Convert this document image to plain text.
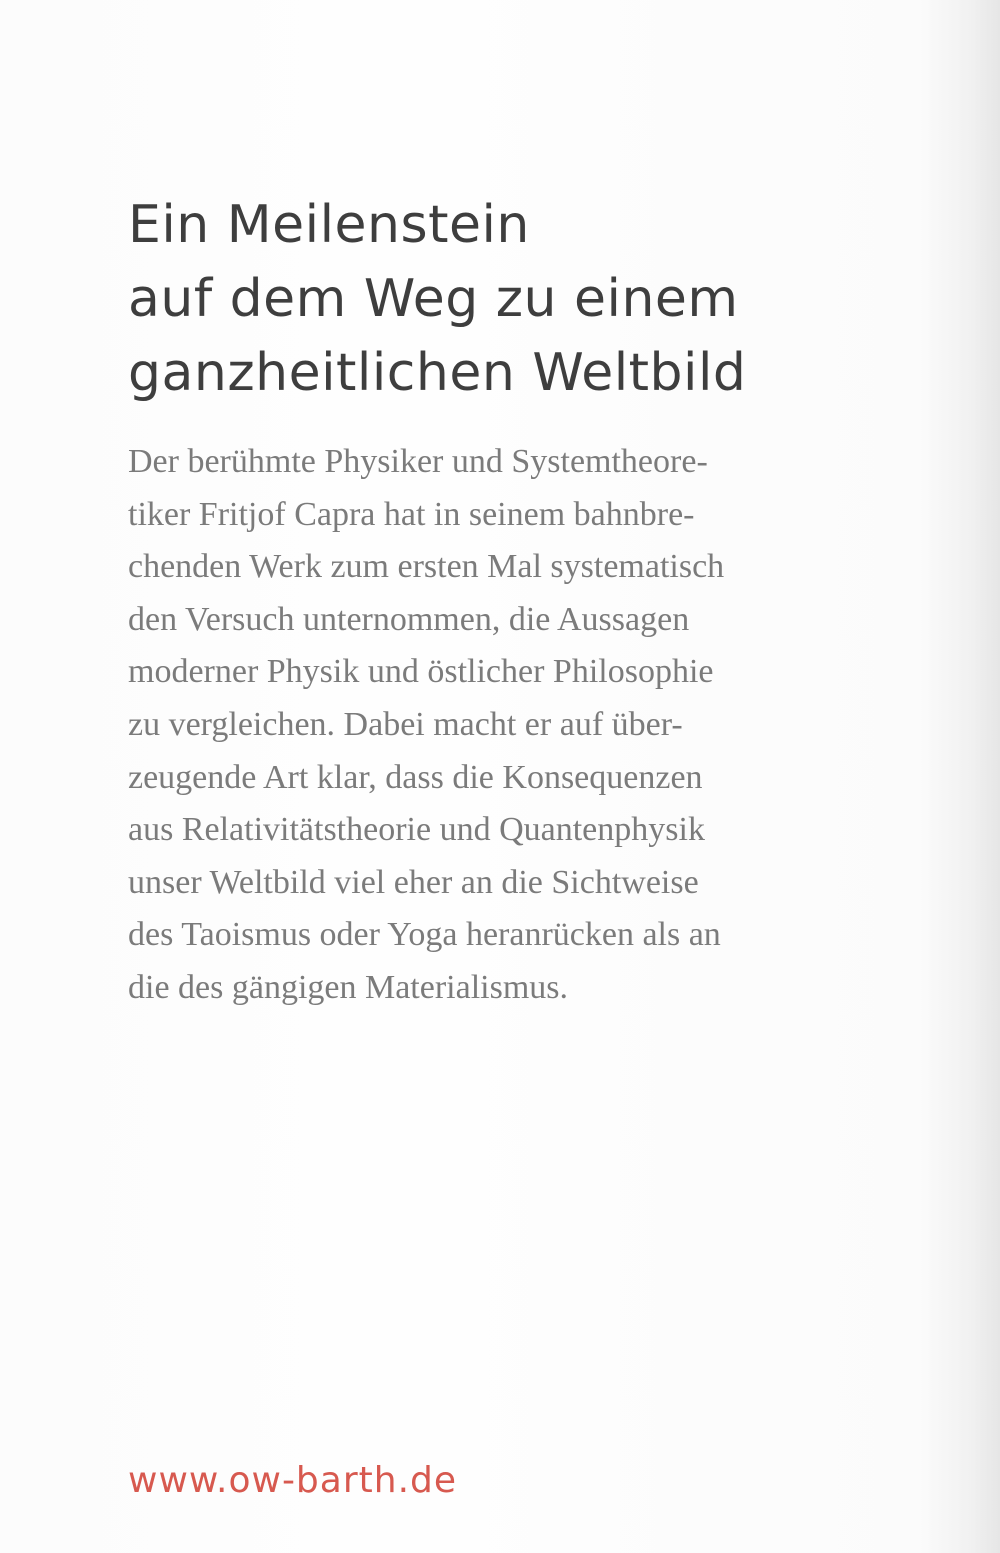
Ein Meilenstein
auf dem Weg zu einem
ganzheitlichen Weltbild

Der berühmte Physiker und Systemtheore-
tiker Fritjof Capra hat in seinem bahnbre-
chenden Werk zum ersten Mal systematisch
den Versuch unternommen, die Aussagen
moderner Physik und östlicher Philosophie
zu vergleichen. Dabei macht er auf über-
zeugende Art klar, dass die Konsequenzen
aus Relativitätstheorie und Quantenphysik
unser Weltbild viel eher an die Sichtweise
des Taoismus oder Yoga heranrücken als an
die des gängigen Materialismus.

www.ow-barth.de
